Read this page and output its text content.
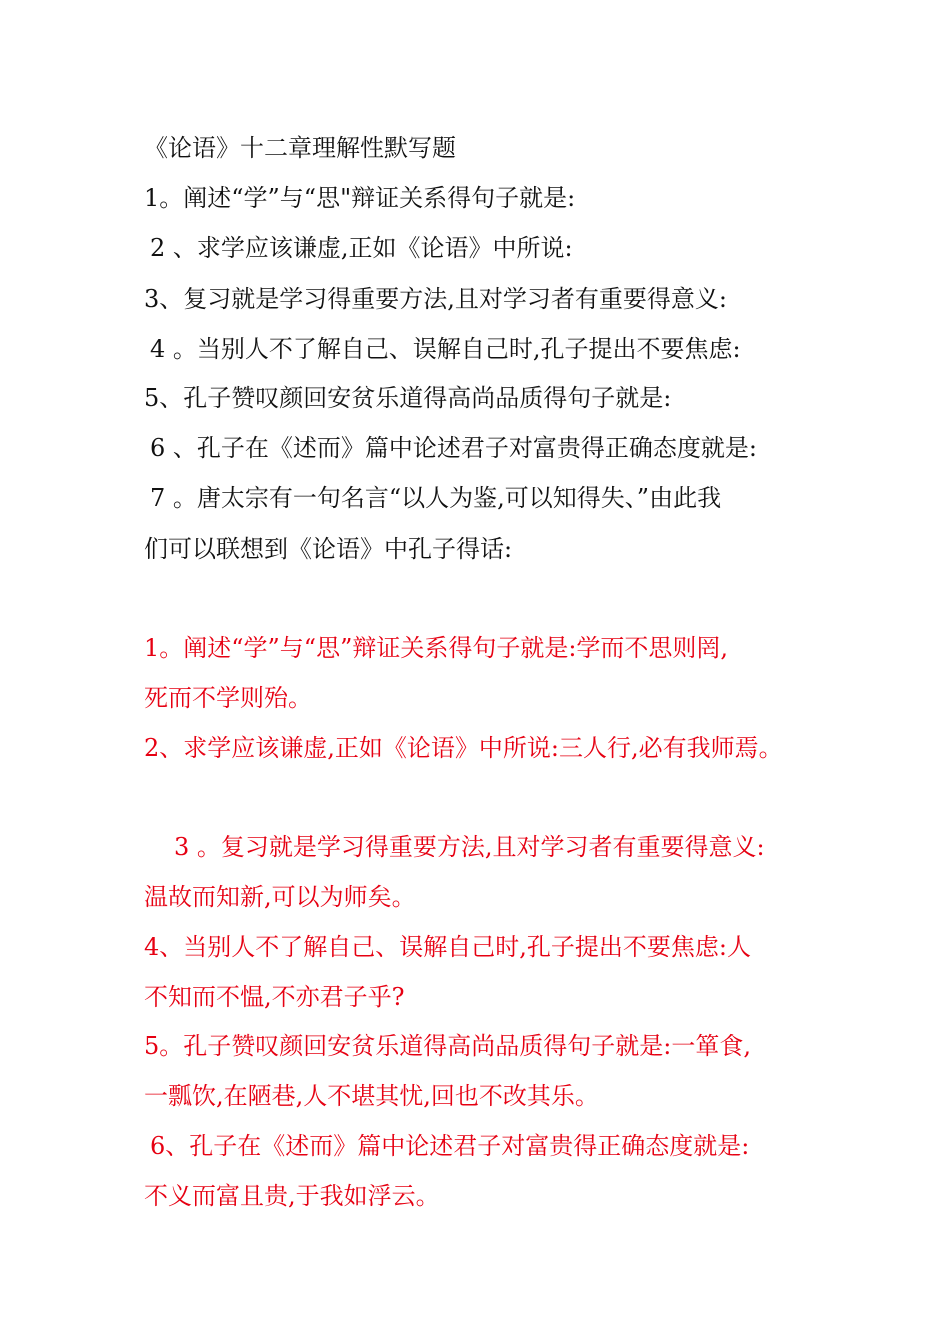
《论语》十二章理解性默写题
1。阐述“学”与“思"辩证关系得句子就是:
2 、求学应该谦虚,正如《论语》中所说:
3、复习就是学习得重要方法,且对学习者有重要得意义:
4 。当别人不了解自己、误解自己时,孔子提出不要焦虑:
5、孔子赞叹颜回安贫乐道得高尚品质得句子就是:
6 、孔子在《述而》篇中论述君子对富贵得正确态度就是:
7 。唐太宗有一句名言“以人为鉴,可以知得失、”由此我
们可以联想到《论语》中孔子得话:
1。阐述“学”与“思”辩证关系得句子就是:学而不思则罔,
死而不学则殆。
2、求学应该谦虚,正如《论语》中所说:三人行,必有我师焉。
3 。复习就是学习得重要方法,且对学习者有重要得意义:
温故而知新,可以为师矣。
4、当别人不了解自己、误解自己时,孔子提出不要焦虑:人
不知而不愠,不亦君子乎?
5。孔子赞叹颜回安贫乐道得高尚品质得句子就是:一箪食,
一瓢饮,在陋巷,人不堪其忧,回也不改其乐。
6、孔子在《述而》篇中论述君子对富贵得正确态度就是:
不义而富且贵,于我如浮云。
